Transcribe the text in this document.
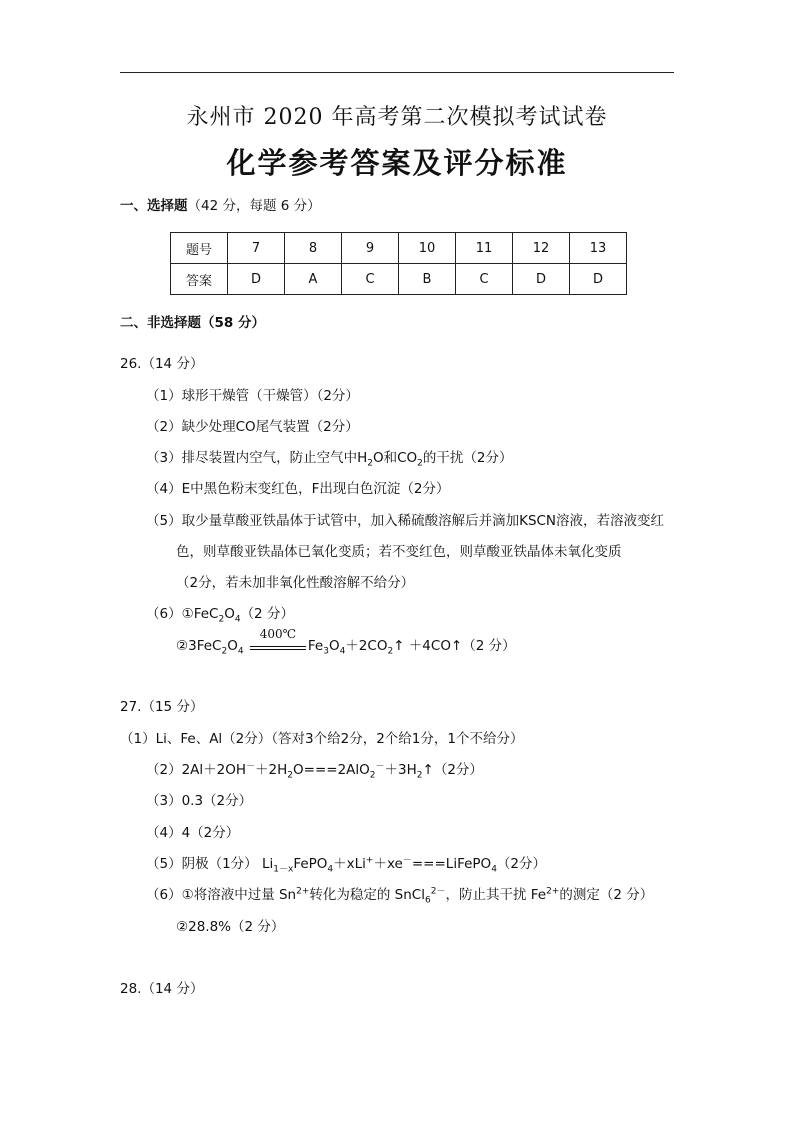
永州市 2020 年高考第二次模拟考试试卷
化学参考答案及评分标准
一、选择题（42 分，每题 6 分）
题号	7	8	9	10	11	12	13
答案	D	A	C	B	C	D	D
二、非选择题（58 分）
26.（14 分）
（1）球形干燥管（干燥管）（2分）
（2）缺少处理CO尾气装置（2分）
（3）排尽装置内空气，防止空气中$H_2O$和$CO_2$的干扰（2分）
（4）E中黑色粉末变红色，F出现白色沉淀（2分）
（5）取少量草酸亚铁晶体于试管中，加入稀硫酸溶解后并滴加KSCN溶液，若溶液变红
色，则草酸亚铁晶体已氧化变质；若不变红色，则草酸亚铁晶体未氧化变质
（2分，若未加非氧化性酸溶解不给分）
$(6)①FeC_2O_4(2$ 分）
$②3FeC_2O_4$
400℃
$Fe_3O_4+2CO_2↑$ ＋4CO↑（2 分）
27.（15 分）
（1）Li、Fe、Al（2分）（答对3个给2分，2个给1分，1个不给分）
$(2)2Al+2OH^-+2H_2O===2AlO_2^-+3H_2↑(2$分）
（3）0.3（2分）
（4）4（2分）
（5）阴极（1分） $Li_{1-x}FePO_4+xLi^++xe^-===LiFePO_4(2$分）
（6）①将溶液中过量 $Sn^{2+}$转化为稳定的 SnCl$_6^{2-}$，防止其干扰 $Fe^{2+}$的测定（2 分）
②28.8%（2 分）
28.（14 分）
